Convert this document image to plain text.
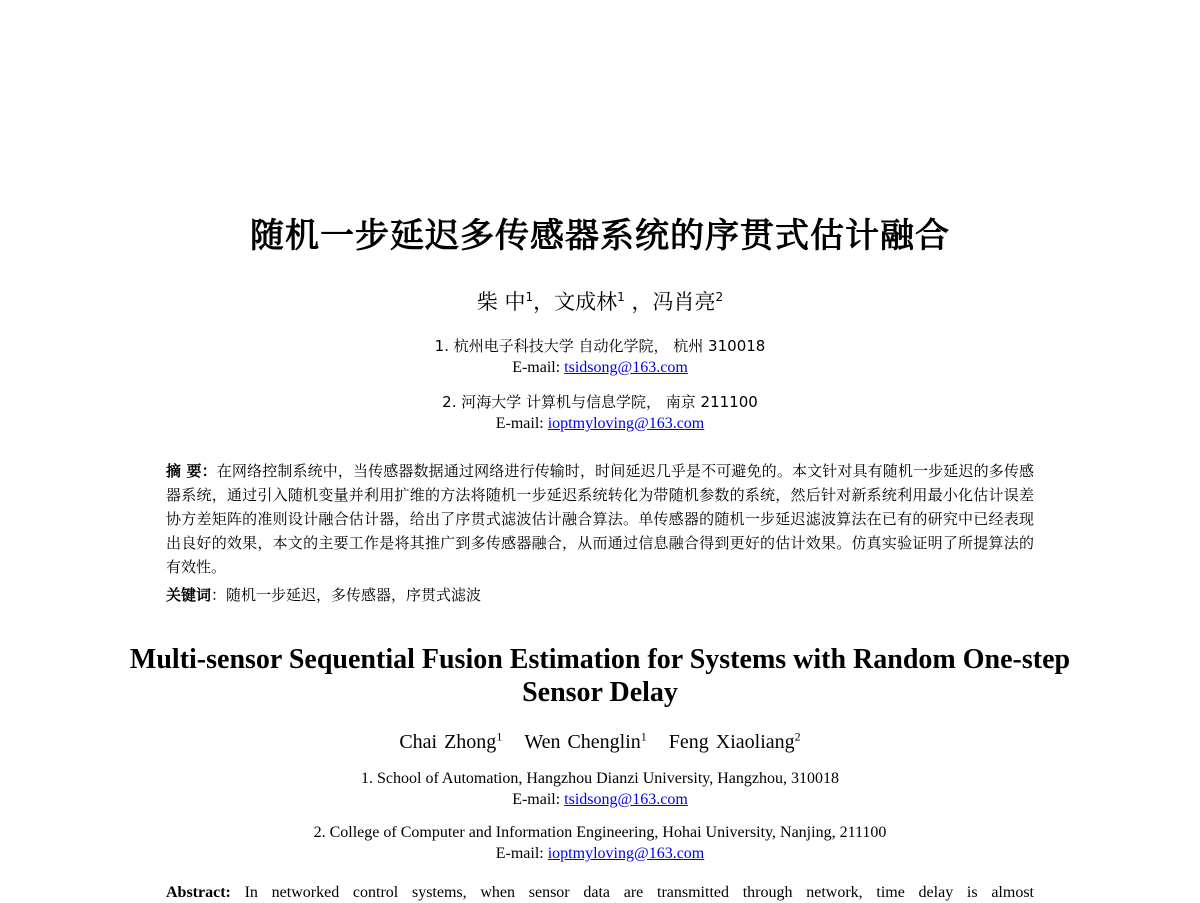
随机一步延迟多传感器系统的序贯式估计融合
柴 中$^1$，文成林$^1$ ，冯肖亮$^2$
1. 杭州电子科技大学 自动化学院， 杭州 310018
E-mail: tsidsong@163.com
2. 河海大学 计算机与信息学院， 南京 211100
E-mail: ioptmyloving@163.com
摘 要：在网络控制系统中，当传感器数据通过网络进行传输时，时间延迟几乎是不可避免的。本文针对具有随机一步延迟的多传感器系统，通过引入随机变量并利用扩维的方法将随机一步延迟系统转化为带随机参数的系统，然后针对新系统利用最小化估计误差协方差矩阵的准则设计融合估计器，给出了序贯式滤波估计融合算法。单传感器的随机一步延迟滤波算法在已有的研究中已经表现出良好的效果，本文的主要工作是将其推广到多传感器融合，从而通过信息融合得到更好的估计效果。仿真实验证明了所提算法的有效性。
关键词：随机一步延迟，多传感器，序贯式滤波
Multi-sensor Sequential Fusion Estimation for Systems with Random One-step
Sensor Delay
Chai Zhong$^1$ Wen Chenglin$^1$ Feng Xiaoliang$^2$
1. School of Automation, Hangzhou Dianzi University, Hangzhou, 310018
E-mail: tsidsong@163.com
2. College of Computer and Information Engineering, Hohai University, Nanjing, 211100
E-mail: ioptmyloving@163.com
Abstract: In networked control systems, when sensor data are transmitted through network, time delay is almost
